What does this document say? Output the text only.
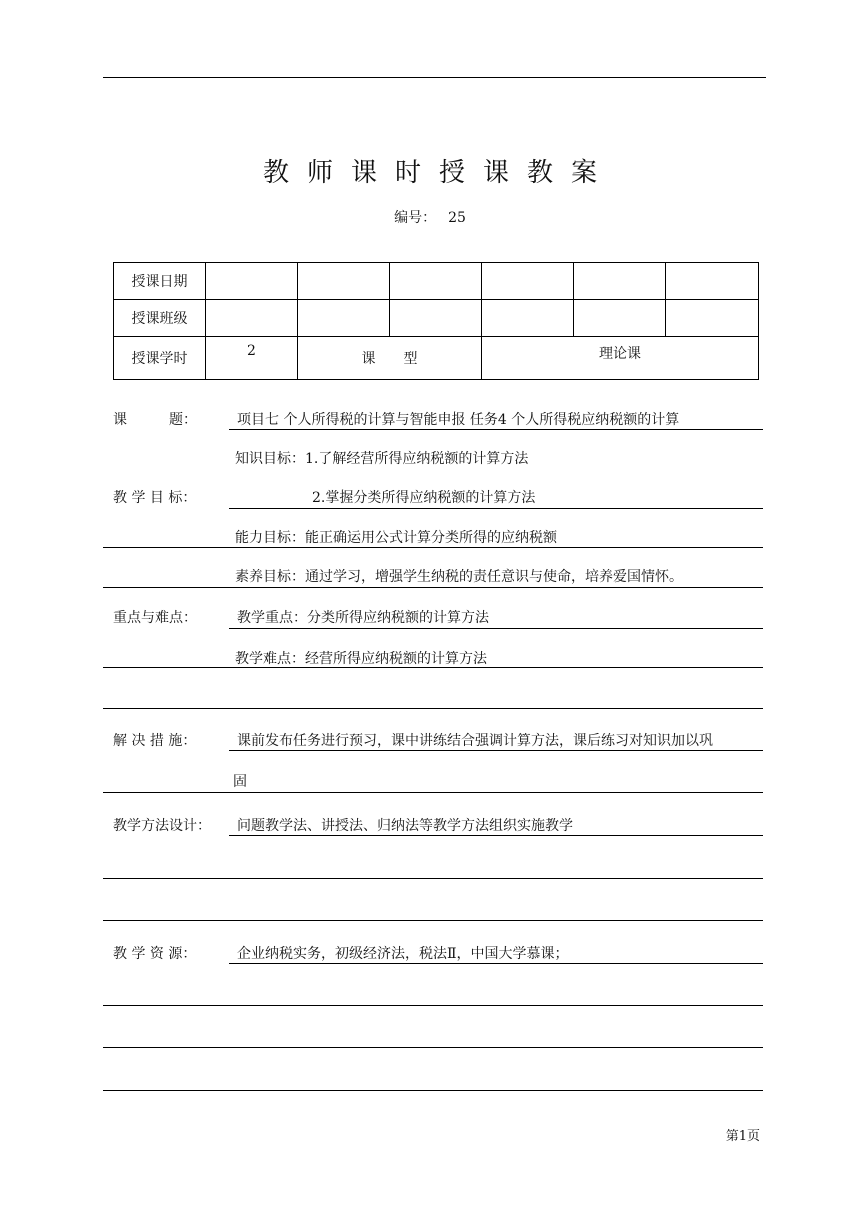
教师课时授课教案
编号： 25
授课日期						
授课班级						
授课学时	2	课　　型		理论课		
课　　　题：	项目七 个人所得税的计算与智能申报 任务4 个人所得税应纳税额的计算
知识目标：1.了解经营所得应纳税额的计算方法
教 学 目 标：	2.掌握分类所得应纳税额的计算方法
能力目标：能正确运用公式计算分类所得的应纳税额
素养目标：通过学习，增强学生纳税的责任意识与使命，培养爱国情怀。
重点与难点：	教学重点：分类所得应纳税额的计算方法
教学难点：经营所得应纳税额的计算方法
解 决 措 施：	课前发布任务进行预习，课中讲练结合强调计算方法，课后练习对知识加以巩
固
教学方法设计： 问题教学法、讲授法、归纳法等教学方法组织实施教学
教 学 资 源：	企业纳税实务，初级经济法，税法Ⅱ，中国大学慕课；
第1页
